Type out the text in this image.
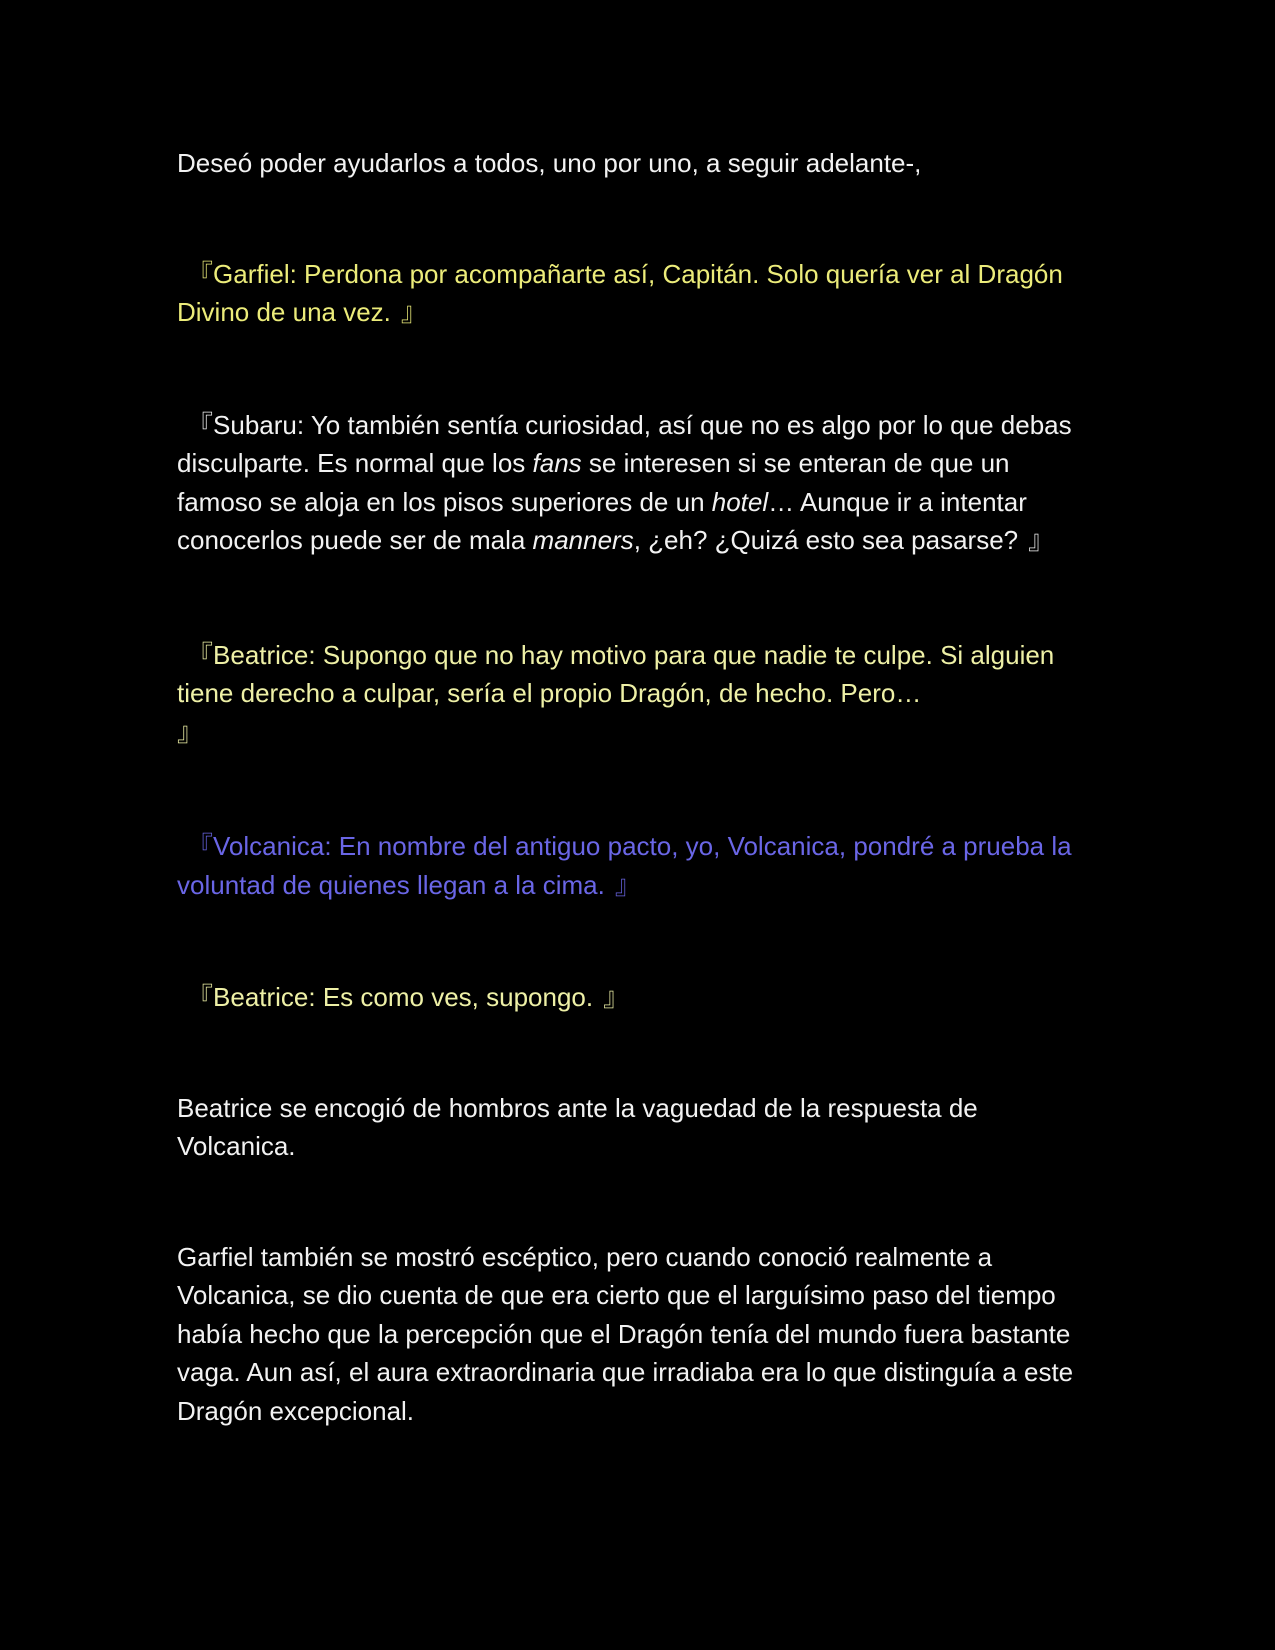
Deseó poder ayudarlos a todos, uno por uno, a seguir adelante-,

『Garfiel: Perdona por acompañarte así, Capitán. Solo quería ver al Dragón Divino de una vez. 』

『Subaru: Yo también sentía curiosidad, así que no es algo por lo que debas disculparte. Es normal que los fans se interesen si se enteran de que un famoso se aloja en los pisos superiores de un hotel… Aunque ir a intentar conocerlos puede ser de mala manners, ¿eh? ¿Quizá esto sea pasarse? 』

『Beatrice: Supongo que no hay motivo para que nadie te culpe. Si alguien tiene derecho a culpar, sería el propio Dragón, de hecho. Pero…
』

『Volcanica: En nombre del antiguo pacto, yo, Volcanica, pondré a prueba la voluntad de quienes llegan a la cima. 』

『Beatrice: Es como ves, supongo. 』

Beatrice se encogió de hombros ante la vaguedad de la respuesta de Volcanica.

Garfiel también se mostró escéptico, pero cuando conoció realmente a Volcanica, se dio cuenta de que era cierto que el larguísimo paso del tiempo había hecho que la percepción que el Dragón tenía del mundo fuera bastante vaga. Aun así, el aura extraordinaria que irradiaba era lo que distinguía a este Dragón excepcional.
